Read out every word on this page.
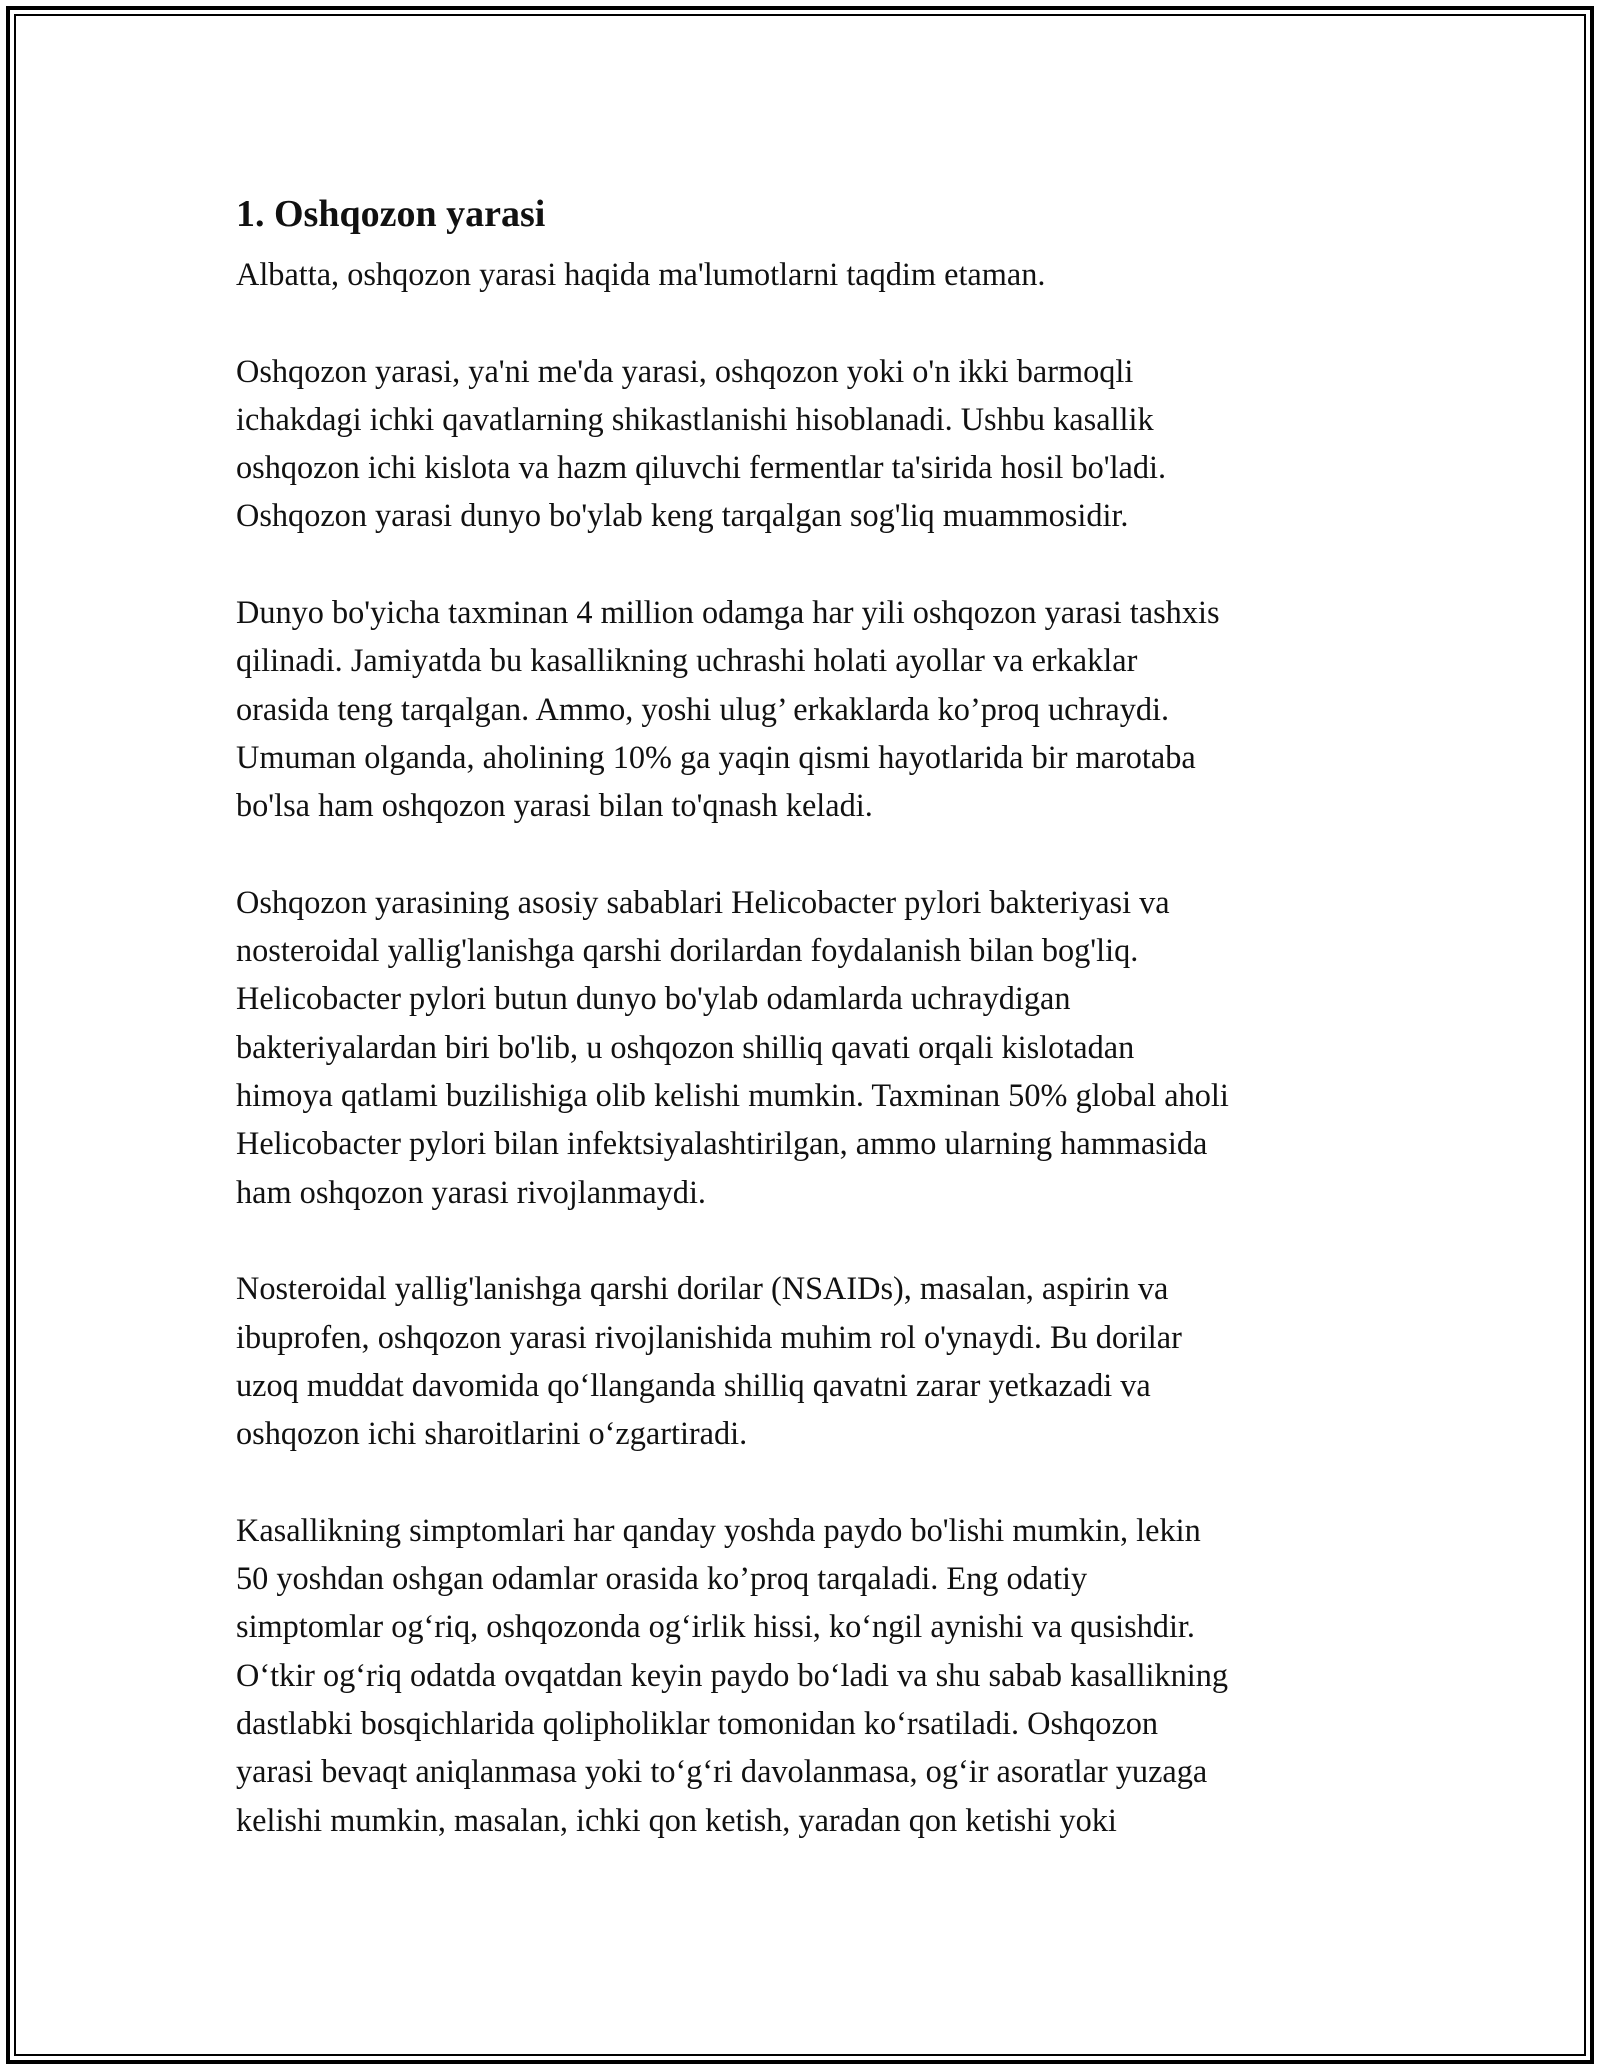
1. Oshqozon yarasi

Albatta, oshqozon yarasi haqida ma'lumotlarni taqdim etaman.

Oshqozon yarasi, ya'ni me'da yarasi, oshqozon yoki o'n ikki barmoqli
ichakdagi ichki qavatlarning shikastlanishi hisoblanadi. Ushbu kasallik
oshqozon ichi kislota va hazm qiluvchi fermentlar ta'sirida hosil bo'ladi.
Oshqozon yarasi dunyo bo'ylab keng tarqalgan sog'liq muammosidir.

Dunyo bo'yicha taxminan 4 million odamga har yili oshqozon yarasi tashxis
qilinadi. Jamiyatda bu kasallikning uchrashi holati ayollar va erkaklar
orasida teng tarqalgan. Ammo, yoshi ulug’ erkaklarda ko’proq uchraydi.
Umuman olganda, aholining 10% ga yaqin qismi hayotlarida bir marotaba
bo'lsa ham oshqozon yarasi bilan to'qnash keladi.

Oshqozon yarasining asosiy sabablari Helicobacter pylori bakteriyasi va
nosteroidal yallig'lanishga qarshi dorilardan foydalanish bilan bog'liq.
Helicobacter pylori butun dunyo bo'ylab odamlarda uchraydigan
bakteriyalardan biri bo'lib, u oshqozon shilliq qavati orqali kislotadan
himoya qatlami buzilishiga olib kelishi mumkin. Taxminan 50% global aholi
Helicobacter pylori bilan infektsiyalashtirilgan, ammo ularning hammasida
ham oshqozon yarasi rivojlanmaydi.

Nosteroidal yallig'lanishga qarshi dorilar (NSAIDs), masalan, aspirin va
ibuprofen, oshqozon yarasi rivojlanishida muhim rol o'ynaydi. Bu dorilar
uzoq muddat davomida qo‘llanganda shilliq qavatni zarar yetkazadi va
oshqozon ichi sharoitlarini o‘zgartiradi.

Kasallikning simptomlari har qanday yoshda paydo bo'lishi mumkin, lekin
50 yoshdan oshgan odamlar orasida ko’proq tarqaladi. Eng odatiy
simptomlar og‘riq, oshqozonda og‘irlik hissi, ko‘ngil aynishi va qusishdir.
O‘tkir og‘riq odatda ovqatdan keyin paydo bo‘ladi va shu sabab kasallikning
dastlabki bosqichlarida qolipholiklar tomonidan ko‘rsatiladi. Oshqozon
yarasi bevaqt aniqlanmasa yoki to‘g‘ri davolanmasa, og‘ir asoratlar yuzaga
kelishi mumkin, masalan, ichki qon ketish, yaradan qon ketishi yoki
